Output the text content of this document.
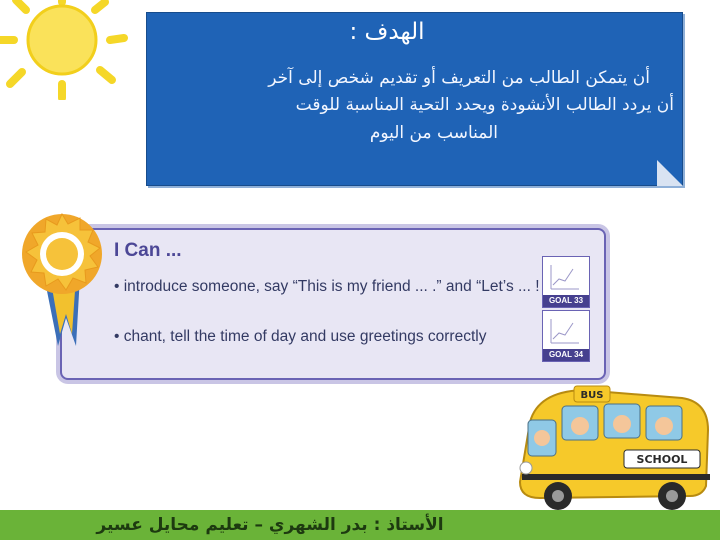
الهدف :
أن يتمكن الطالب من التعريف أو تقديم شخص إلى آخر
أن يردد الطالب الأنشودة ويحدد التحية المناسبة للوقت
المناسب من اليوم
I Can ...
• introduce someone, say “This is my friend ... .” and “Let’s ... !
• chant, tell the time of day and use greetings correctly
GOAL 33
GOAL 34
BUS
SCHOOL
الأستاذ : بدر الشهري – تعليم محايل عسير
